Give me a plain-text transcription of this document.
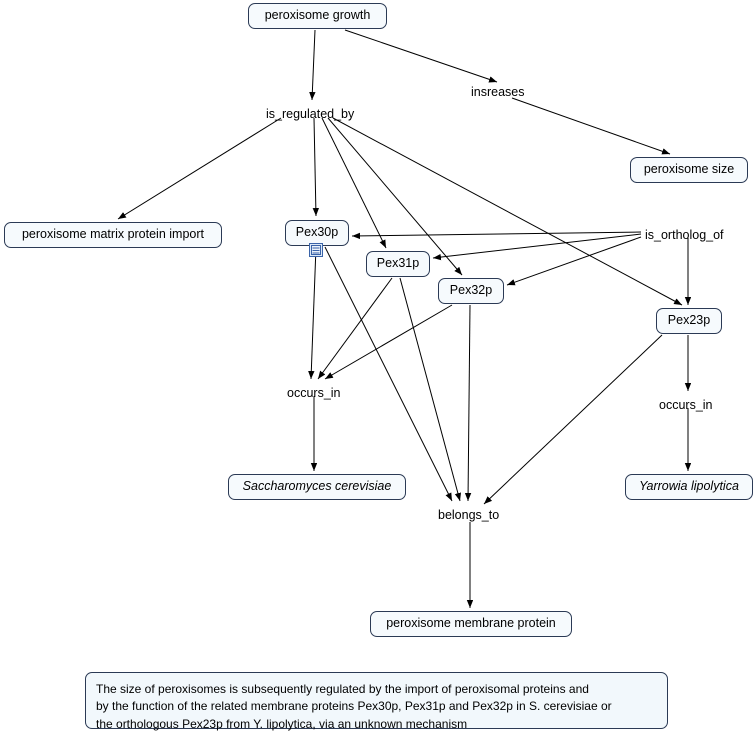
peroxisome growth
peroxisome size
peroxisome matrix protein import	Pex30p
Pex31p
Pex32p
Pex23p
Saccharomyces cerevisiae	Yarrowia lipolytica
peroxisome membrane protein
is_regulated_by
insreases
is_ortholog_of
occurs_in
occurs_in
belongs_to
The size of peroxisomes is subsequently regulated by the import of peroxisomal proteins and
by the function of the related membrane proteins Pex30p, Pex31p and Pex32p in S. cerevisiae or
the orthologous Pex23p from Y. lipolytica, via an unknown mechanism
